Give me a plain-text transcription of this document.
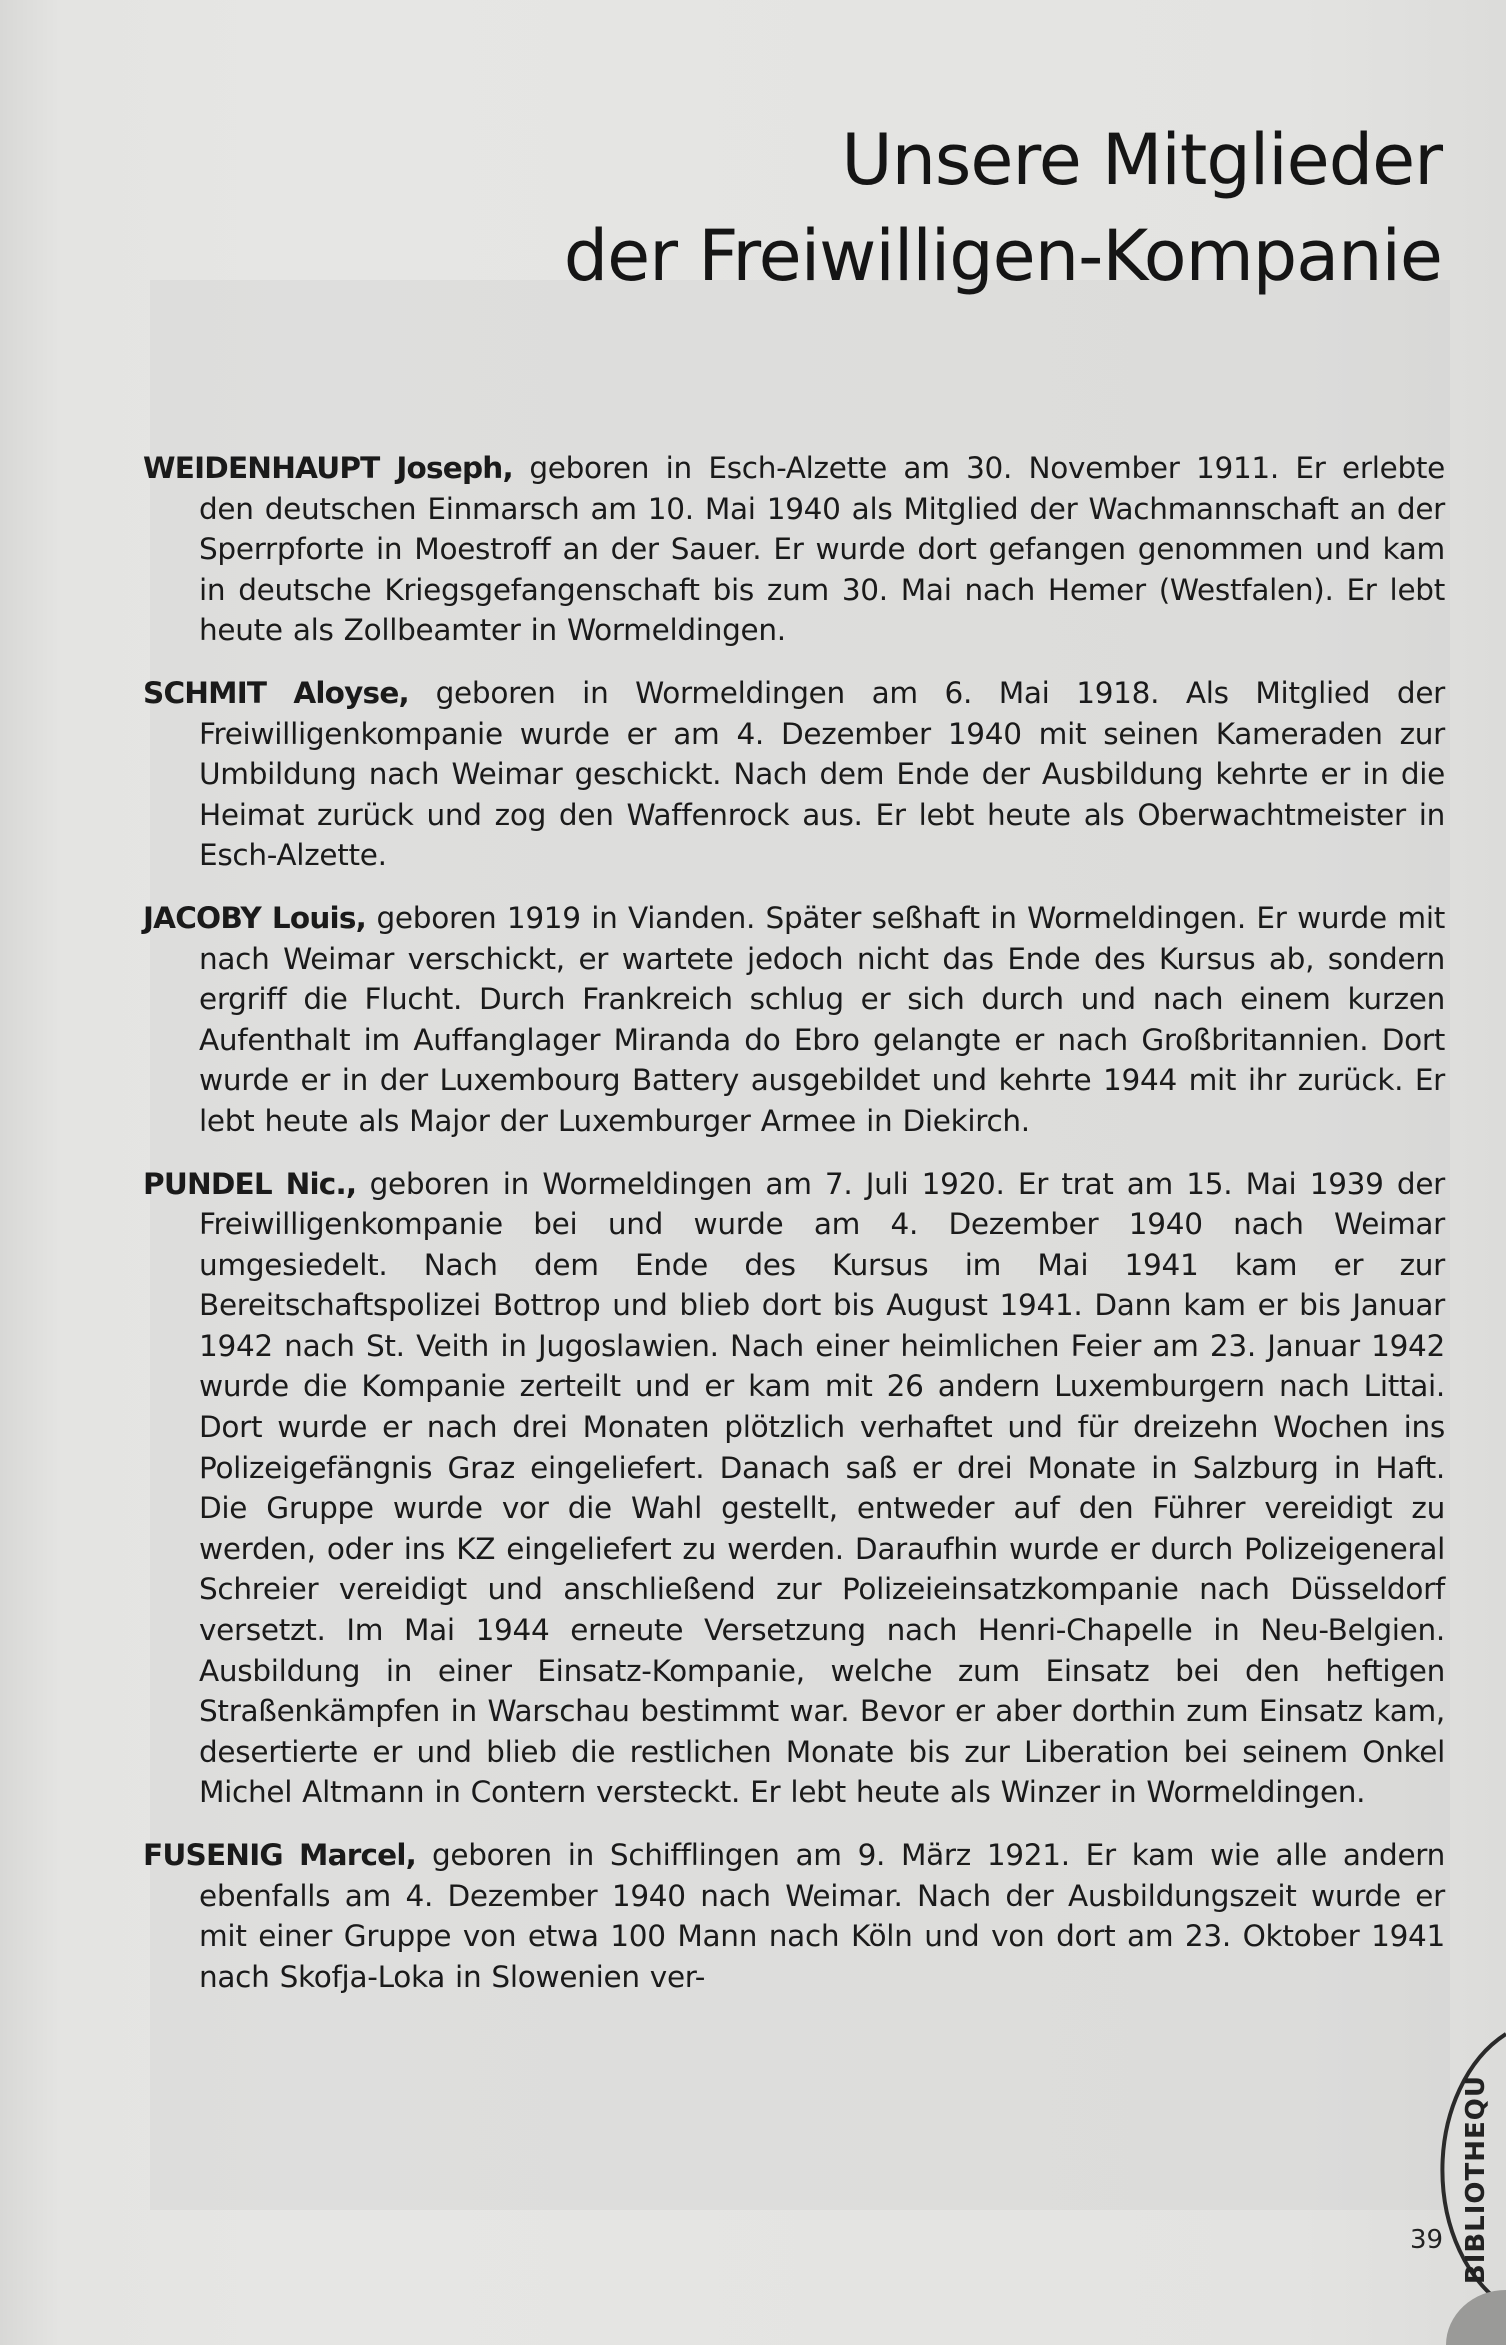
Unsere Mitglieder
der Freiwilligen-Kompanie

WEIDENHAUPT Joseph, geboren in Esch-Alzette am 30. November 1911. Er erlebte den deutschen Einmarsch am 10. Mai 1940 als Mitglied der Wachmannschaft an der Sperrpforte in Moestroff an der Sauer. Er wurde dort gefangen genommen und kam in deutsche Kriegsgefangenschaft bis zum 30. Mai nach Hemer (Westfalen). Er lebt heute als Zollbeamter in Wormeldingen.

SCHMIT Aloyse, geboren in Wormeldingen am 6. Mai 1918. Als Mitglied der Freiwilligenkompanie wurde er am 4. Dezember 1940 mit seinen Kameraden zur Umbildung nach Weimar geschickt. Nach dem Ende der Ausbildung kehrte er in die Heimat zurück und zog den Waffenrock aus. Er lebt heute als Oberwachtmeister in Esch-Alzette.

JACOBY Louis, geboren 1919 in Vianden. Später seßhaft in Wormeldingen. Er wurde mit nach Weimar verschickt, er wartete jedoch nicht das Ende des Kursus ab, sondern ergriff die Flucht. Durch Frankreich schlug er sich durch und nach einem kurzen Aufenthalt im Auffanglager Miranda do Ebro gelangte er nach Großbritannien. Dort wurde er in der Luxembourg Battery ausgebildet und kehrte 1944 mit ihr zurück. Er lebt heute als Major der Luxemburger Armee in Diekirch.

PUNDEL Nic., geboren in Wormeldingen am 7. Juli 1920. Er trat am 15. Mai 1939 der Freiwilligenkompanie bei und wurde am 4. Dezember 1940 nach Weimar umgesiedelt. Nach dem Ende des Kursus im Mai 1941 kam er zur Bereitschaftspolizei Bottrop und blieb dort bis August 1941. Dann kam er bis Januar 1942 nach St. Veith in Jugoslawien. Nach einer heimlichen Feier am 23. Januar 1942 wurde die Kompanie zerteilt und er kam mit 26 andern Luxemburgern nach Littai. Dort wurde er nach drei Monaten plötzlich verhaftet und für dreizehn Wochen ins Polizeigefängnis Graz eingeliefert. Danach saß er drei Monate in Salzburg in Haft. Die Gruppe wurde vor die Wahl gestellt, entweder auf den Führer vereidigt zu werden, oder ins KZ eingeliefert zu werden. Daraufhin wurde er durch Polizeigeneral Schreier vereidigt und anschließend zur Polizeieinsatzkompanie nach Düsseldorf versetzt. Im Mai 1944 erneute Versetzung nach Henri-Chapelle in Neu-Belgien. Ausbildung in einer Einsatz-Kompanie, welche zum Einsatz bei den heftigen Straßenkämpfen in Warschau bestimmt war. Bevor er aber dorthin zum Einsatz kam, desertierte er und blieb die restlichen Monate bis zur Liberation bei seinem Onkel Michel Altmann in Contern versteckt. Er lebt heute als Winzer in Wormeldingen.

FUSENIG Marcel, geboren in Schifflingen am 9. März 1921. Er kam wie alle andern ebenfalls am 4. Dezember 1940 nach Weimar. Nach der Ausbildungszeit wurde er mit einer Gruppe von etwa 100 Mann nach Köln und von dort am 23. Oktober 1941 nach Skofja-Loka in Slowenien ver-

BIBLIOTHEQU
39
